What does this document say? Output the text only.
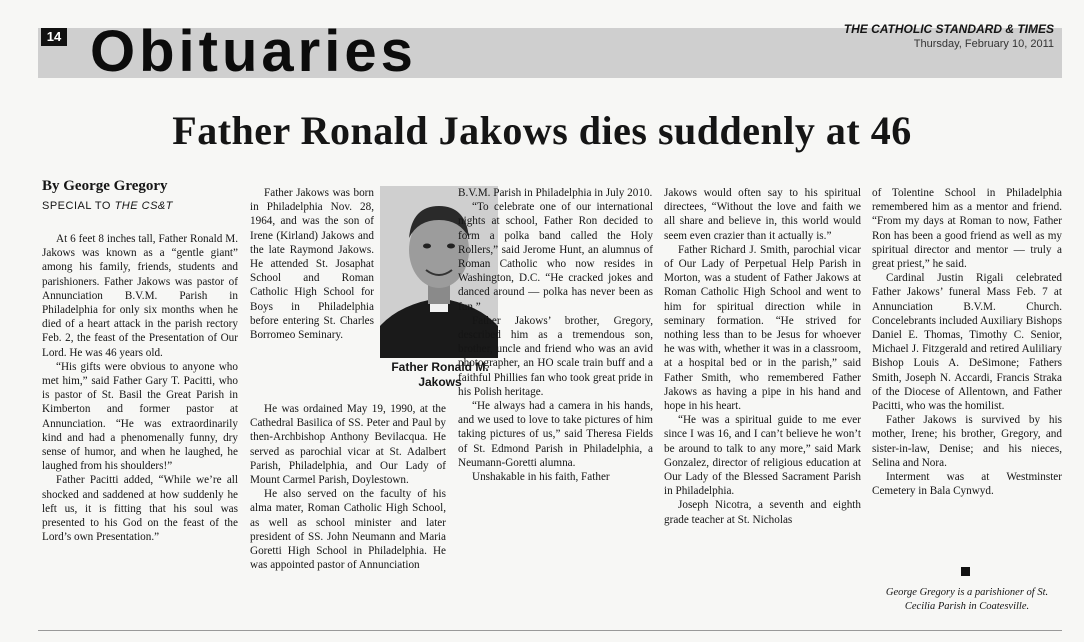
14 Obituaries	THE CATHOLIC STANDARD & TIMES
Thursday, February 10, 2011
Father Ronald Jakows dies suddenly at 46
By George Gregory
SPECIAL TO THE CS&T

At 6 feet 8 inches tall, Father Ronald M. Jakows was known as a “gentle giant” among his family, friends, students and parishioners. Father Jakows was pastor of Annunciation B.V.M. Parish in Philadelphia for only six months when he died of a heart attack in the parish rectory Feb. 2, the feast of the Presentation of Our Lord. He was 46 years old.

“His gifts were obvious to anyone who met him,” said Father Gary T. Pacitti, who is pastor of St. Basil the Great Parish in Kimberton and former pastor at Annunciation. “He was extraordinarily kind and had a phenomenally funny, dry sense of humor, and when he laughed, he laughed from his shoulders!”

Father Pacitti added, “While we’re all shocked and saddened at how suddenly he left us, it is fitting that his soul was presented to his God on the feast of the Lord’s own Presentation.”

Father Jakows was born in Philadelphia Nov. 28, 1964, and was the son of Irene (Kirland) Jakows and the late Raymond Jakows. He attended St. Josaphat School and Roman Catholic High School for Boys in Philadelphia before entering St. Charles Borromeo Seminary.

Father Ronald M. Jakows

He was ordained May 19, 1990, at the Cathedral Basilica of SS. Peter and Paul by then-Archbishop Anthony Bevilacqua. He served as parochial vicar at St. Adalbert Parish, Philadelphia, and Our Lady of Mount Carmel Parish, Doylestown.

He also served on the faculty of his alma mater, Roman Catholic High School, as well as school minister and later president of SS. John Neumann and Maria Goretti High School in Philadelphia. He was appointed pastor of Annunciation

B.V.M. Parish in Philadelphia in July 2010.

“To celebrate one of our international nights at school, Father Ron decided to form a polka band called the Holy Rollers,” said Jerome Hunt, an alumnus of Roman Catholic who now resides in Washington, D.C. “He cracked jokes and danced around — polka has never been as fun.”

Father Jakows’ brother, Gregory, described him as a tremendous son, brother, uncle and friend who was an avid photographer, an HO scale train buff and a faithful Phillies fan who took great pride in his Polish heritage.

“He always had a camera in his hands, and we used to love to take pictures of him taking pictures of us,” said Theresa Fields of St. Edmond Parish in Philadelphia, a Neumann-Goretti alumna.

Unshakable in his faith, Father

Jakows would often say to his spiritual directees, “Without the love and faith we all share and believe in, this world would seem even crazier than it actually is.”

Father Richard J. Smith, parochial vicar of Our Lady of Perpetual Help Parish in Morton, was a student of Father Jakows at Roman Catholic High School and went to him for spiritual direction while in seminary formation. “He strived for nothing less than to be Jesus for whoever he was with, whether it was in a classroom, at a hospital bed or in the parish,” said Father Smith, who remembered Father Jakows as having a pipe in his hand and hope in his heart.

“He was a spiritual guide to me ever since I was 16, and I can’t believe he won’t be around to talk to any more,” said Mark Gonzalez, director of religious education at Our Lady of the Blessed Sacrament Parish in Philadelphia.

Joseph Nicotra, a seventh and eighth grade teacher at St. Nicholas

of Tolentine School in Philadelphia remembered him as a mentor and friend. “From my days at Roman to now, Father Ron has been a good friend as well as my spiritual director and mentor — truly a great priest,” he said.

Cardinal Justin Rigali celebrated Father Jakows’ funeral Mass Feb. 7 at Annunciation B.V.M. Church. Concelebrants included Auxiliary Bishops Daniel E. Thomas, Timothy C. Senior, Michael J. Fitzgerald and retired Auliliary Bishop Louis A. DeSimone; Fathers Smith, Joseph N. Accardi, Francis Straka of the Diocese of Allentown, and Father Pacitti, who was the homilist.

Father Jakows is survived by his mother, Irene; his brother, Gregory, and sister-in-law, Denise; and his nieces, Selina and Nora.

Interment was at Westminster Cemetery in Bala Cynwyd.

George Gregory is a parishioner of St. Cecilia Parish in Coatesville.
